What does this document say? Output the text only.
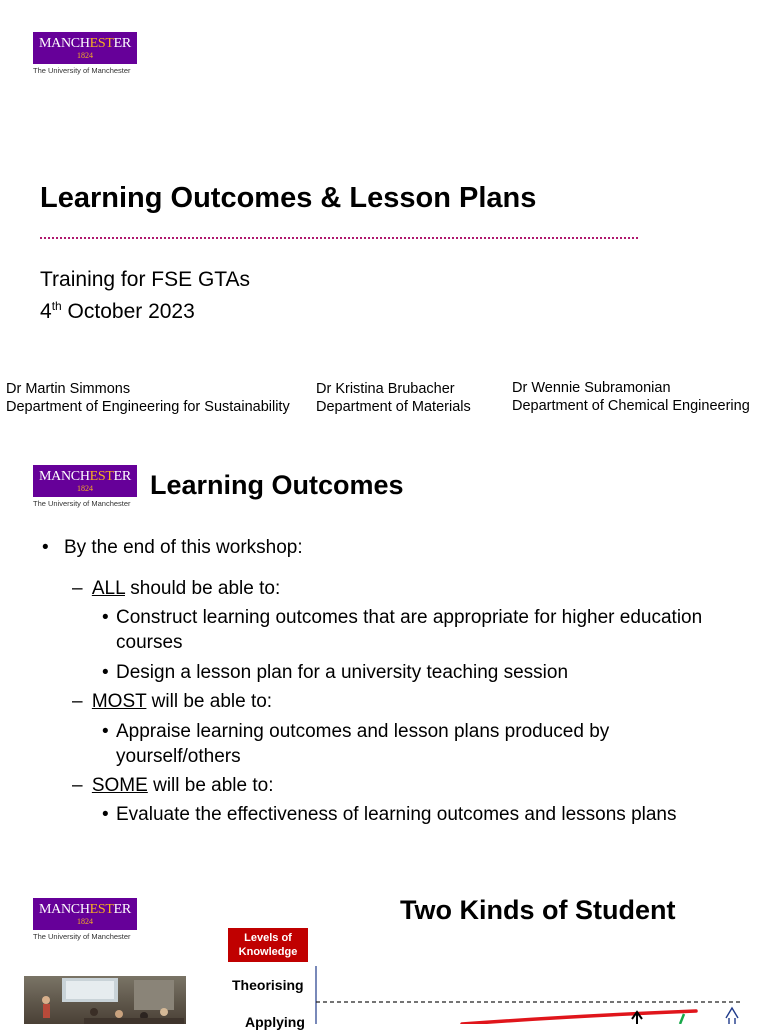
MANCHESTER
1824
The University of Manchester
Learning Outcomes & Lesson Plans
Training for FSE GTAs
4th October 2023
Dr Martin Simmons
Department of Engineering for Sustainability
Dr Kristina Brubacher
Department of Materials
Dr Wennie Subramonian
Department of Chemical Engineering
MANCHESTER
1824
The University of Manchester
Learning Outcomes
• By the end of this workshop:
– ALL should be able to:
• Construct learning outcomes that are appropriate for higher education courses
• Design a lesson plan for a university teaching session
– MOST will be able to:
• Appraise learning outcomes and lesson plans produced by yourself/others
– SOME will be able to:
• Evaluate the effectiveness of learning outcomes and lessons plans
MANCHESTER
1824
The University of Manchester
Two Kinds of Student
Levels of Knowledge
Theorising
Applying
